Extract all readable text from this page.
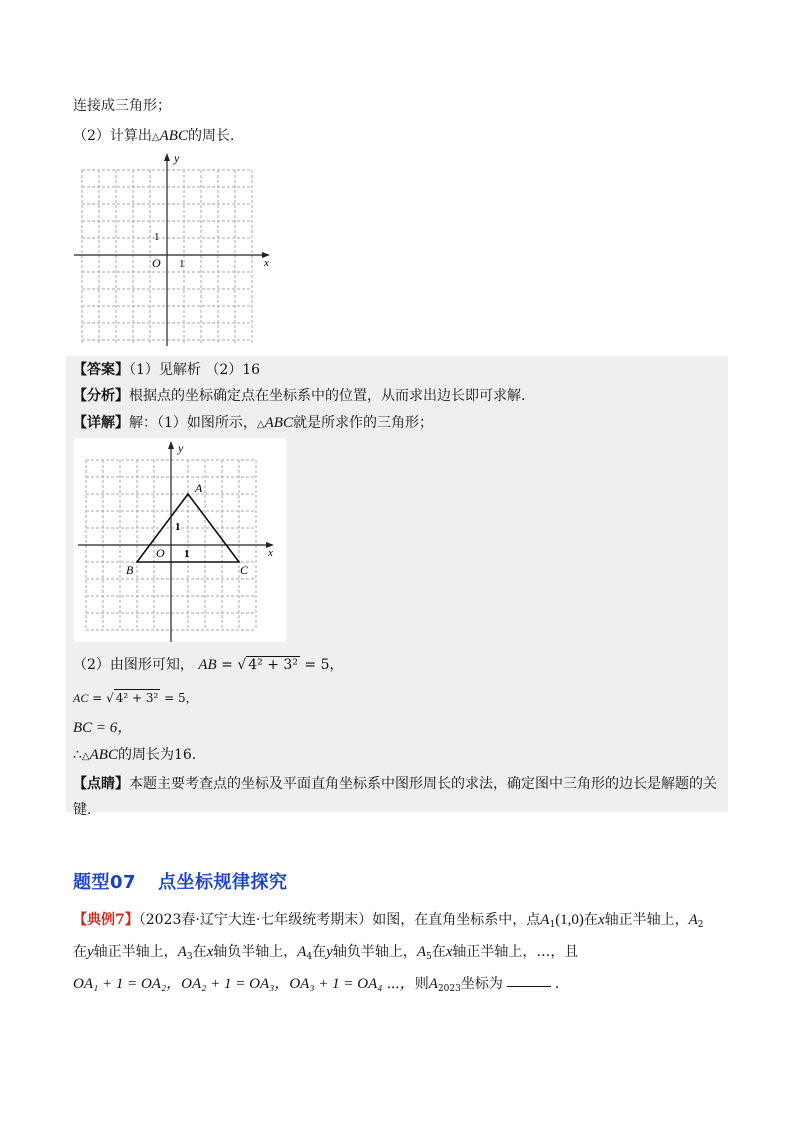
连接成三角形；
（2）计算出△ABC的周长．
y
x
O 1
1
【答案】（1）见解析 （2）16
【分析】根据点的坐标确定点在坐标系中的位置，从而求出边长即可求解.
【详解】解：（1）如图所示，△ABC就是所求作的三角形；
y
x
O 1
1
A
B	C
（2）由图形可知， AB = √ 4² + 3² = 5，
AC = √ 4² + 3² = 5，
BC = 6，
∴△ABC的周长为16.
【点睛】本题主要考查点的坐标及平面直角坐标系中图形周长的求法，确定图中三角形的边长是解题的关
键.
题型07 点坐标规律探究
【典例7】（2023春·辽宁大连·七年级统考期末）如图，在直角坐标系中，点$A_1(1,0)$在x轴正半轴上，$A_2$
在y轴正半轴上，$A_3$在x轴负半轴上，$A_4$在y轴负半轴上，$A_5$在x轴正半轴上，…，且
OA₁ + 1 = OA₂，OA₂ + 1 = OA₃，OA₃ + 1 = OA₄ ⋯，则$A_{2023}$坐标为	.
